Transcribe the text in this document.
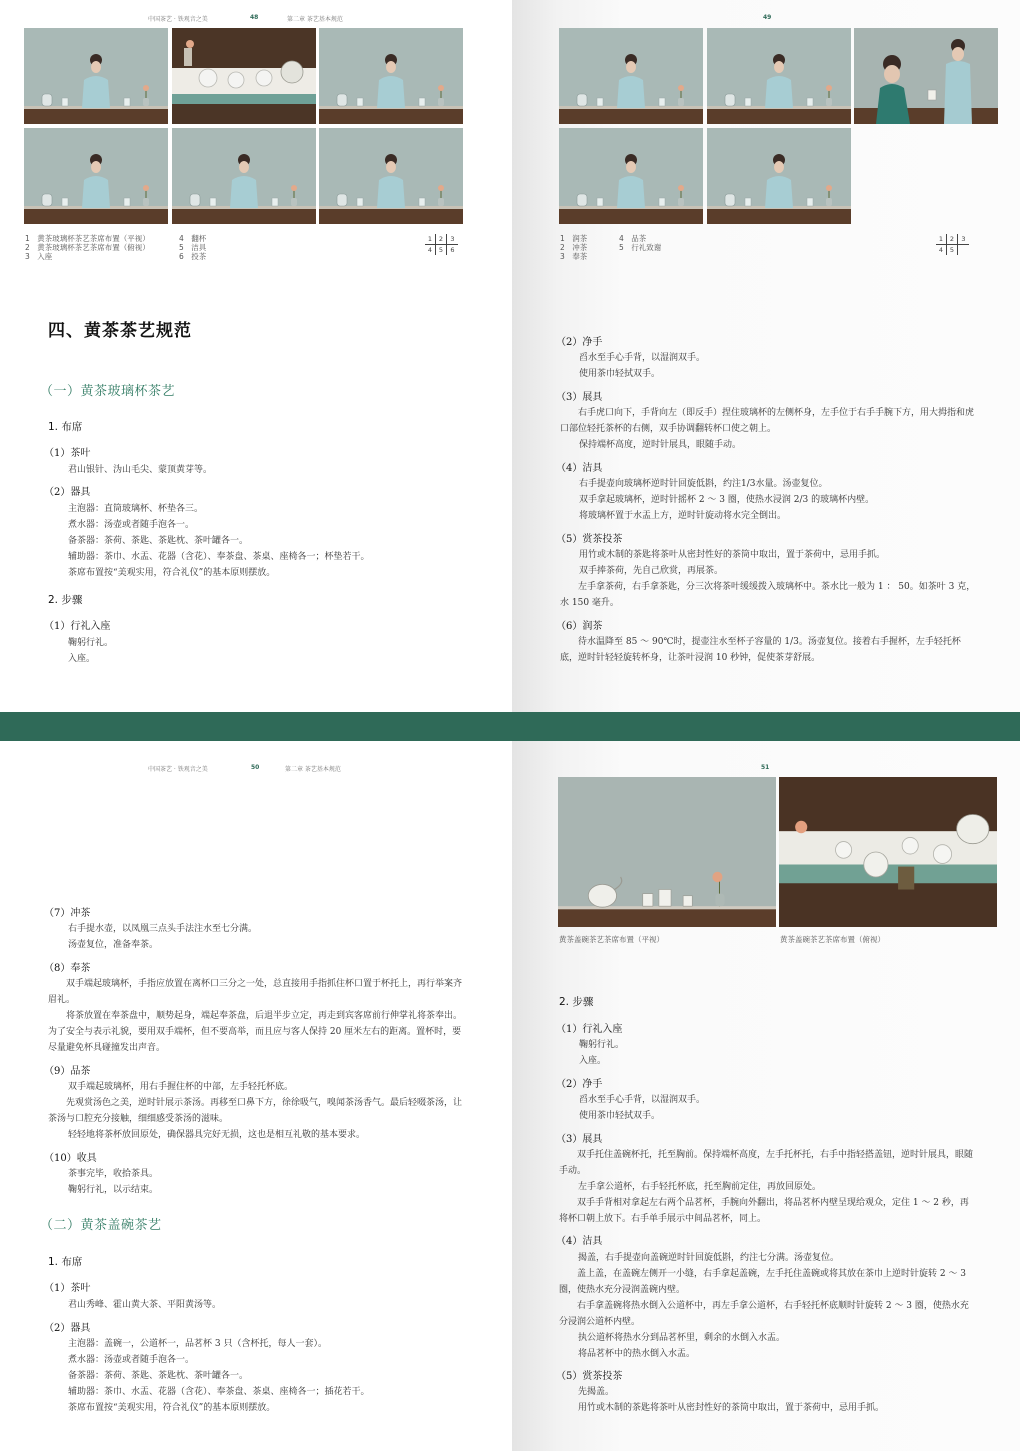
中国茶艺 · 铁观音之美	48	第二章 茶艺基本规范
1　黄茶玻璃杯茶艺茶席布置（平视）
2　黄茶玻璃杯茶艺茶席布置（俯视）
3　入座
4　翻杯
5　洁具
6　投茶
1	2	3
4	5	6
四、黄茶茶艺规范
（一）黄茶玻璃杯茶艺
1. 布席
（1）茶叶
君山银针、沩山毛尖、蒙顶黄芽等。
（2）器具
主泡器：直筒玻璃杯、杯垫各三。
煮水器：汤壶或者随手泡各一。
备茶器：茶荷、茶匙、茶匙枕、茶叶罐各一。
辅助器：茶巾、水盂、花器（含花）、奉茶盘、茶桌、座椅各一；杯垫若干。
茶席布置按“美观实用，符合礼仪”的基本原则摆放。
2. 步骤
（1）行礼入座
鞠躬行礼。
入座。
49
1　润茶
2　冲茶
3　奉茶
4　品茶
5　行礼致谢
1	2	3
4	5
（2）净手
舀水至手心手背，以湿润双手。
使用茶巾轻拭双手。
（3）展具
右手虎口向下，手背向左（即反手）捏住玻璃杯的左侧杯身，左手位于右手手腕下方，用大拇指和虎口部位轻托茶杯的右侧，双手协调翻转杯口使之朝上。
保持端杯高度，逆时针展具，眼随手动。
（4）洁具
右手提壶向玻璃杯逆时针回旋低斟，约注1/3水量。汤壶复位。
双手拿起玻璃杯，逆时针摇杯 2 ～ 3 圈，使热水浸润 2/3 的玻璃杯内壁。
将玻璃杯置于水盂上方，逆时针旋动将水完全倒出。
（5）赏茶投茶
用竹或木制的茶匙将茶叶从密封性好的茶筒中取出，置于茶荷中，忌用手抓。
双手捧茶荷，先自己欣赏，再展茶。
左手拿茶荷，右手拿茶匙，分三次将茶叶缓缓拨入玻璃杯中。茶水比一般为 1 ： 50。如茶叶 3 克，水 150 毫升。
（6）润茶
待水温降至 85 ～ 90℃时，提壶注水至杯子容量的 1/3。汤壶复位。接着右手握杯，左手轻托杯底，逆时针轻轻旋转杯身，让茶叶浸润 10 秒钟，促使茶芽舒展。
中国茶艺 · 铁观音之美	50	第二章 茶艺基本规范
（7）冲茶
右手提水壶，以凤凰三点头手法注水至七分满。
汤壶复位，准备奉茶。
（8）奉茶
双手端起玻璃杯，手指应放置在离杯口三分之一处，总直接用手指抓住杯口置于杯托上，再行举案齐眉礼。
将茶放置在奉茶盘中，顺势起身，端起奉茶盘，后退半步立定，再走到宾客席前行伸掌礼将茶奉出。为了安全与表示礼貌，要用双手端杯，但不要高举，而且应与客人保持 20 厘米左右的距离。置杯时，要尽量避免杯具碰撞发出声音。
（9）品茶
双手端起玻璃杯，用右手握住杯的中部，左手轻托杯底。
先观赏汤色之美，逆时针展示茶汤。再移至口鼻下方，徐徐吸气，嗅闻茶汤香气。最后轻啜茶汤，让茶汤与口腔充分接触，细细感受茶汤的滋味。
轻轻地将茶杯放回原处，确保器具完好无损，这也是相互礼敬的基本要求。
（10）收具
茶事完毕，收拾茶具。
鞠躬行礼，以示结束。
（二）黄茶盖碗茶艺
1. 布席
（1）茶叶
君山秀峰、霍山黄大茶、平阳黄汤等。
（2）器具
主泡器：盖碗一，公道杯一，品茗杯 3 只（含杯托，每人一套）。
煮水器：汤壶或者随手泡各一。
备茶器：茶荷、茶匙、茶匙枕、茶叶罐各一。
辅助器：茶巾、水盂、花器（含花）、奉茶盘、茶桌、座椅各一；插花若干。
茶席布置按“美观实用，符合礼仪”的基本原则摆放。
51
黄茶盖碗茶艺茶席布置（平视）	黄茶盖碗茶艺茶席布置（俯视）
2. 步骤
（1）行礼入座
鞠躬行礼。
入座。
（2）净手
舀水至手心手背，以湿润双手。
使用茶巾轻拭双手。
（3）展具
双手托住盖碗杯托，托至胸前。保持端杯高度，左手托杯托，右手中指轻搭盖钮，逆时针展具，眼随手动。
左手拿公道杯，右手轻托杯底，托至胸前定住，再放回原处。
双手手背相对拿起左右两个品茗杯，手腕向外翻出，将品茗杯内壁呈现给观众，定住 1 ～ 2 秒，再将杯口朝上放下。右手单手展示中间品茗杯，同上。
（4）洁具
揭盖，右手提壶向盖碗逆时针回旋低斟，约注七分满。汤壶复位。
盖上盖，在盖碗左侧开一小缝，右手拿起盖碗，左手托住盖碗或将其放在茶巾上逆时针旋转 2 ～ 3 圈，使热水充分浸润盖碗内壁。
右手拿盖碗将热水倒入公道杯中，再左手拿公道杯，右手轻托杯底顺时针旋转 2 ～ 3 圈，使热水充分浸润公道杯内壁。
执公道杯将热水分到品茗杯里，剩余的水倒入水盂。
将品茗杯中的热水倒入水盂。
（5）赏茶投茶
先揭盖。
用竹或木制的茶匙将茶叶从密封性好的茶筒中取出，置于茶荷中，忌用手抓。
